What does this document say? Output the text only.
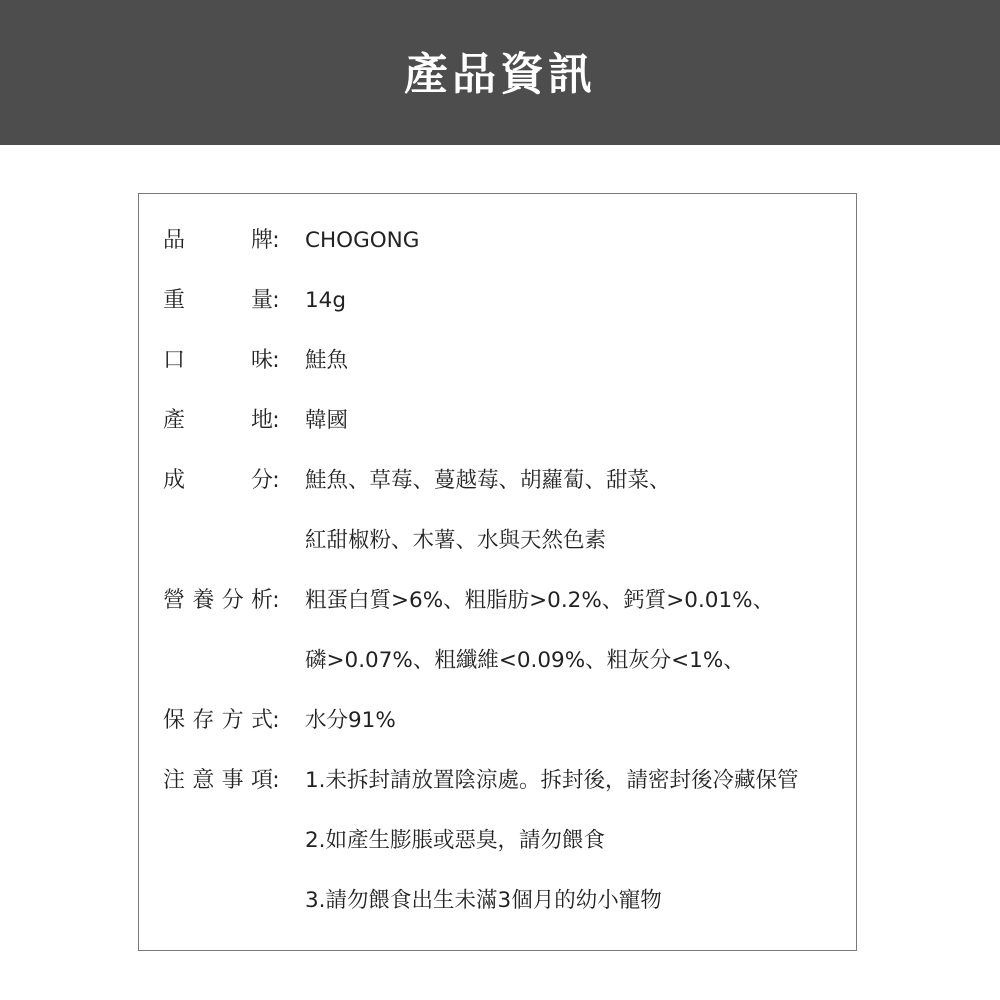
產品資訊
品	牌 : CHOGONG
重	量 : 14g
口	味 : 鮭魚
產	地 : 韓國
成	分 : 鮭魚、草莓、蔓越莓、胡蘿蔔、甜菜、
紅甜椒粉、木薯、水與天然色素
營 養 分 析 : 粗蛋白質>6%、粗脂肪>0.2%、鈣質>0.01%、
磷>0.07%、粗纖維<0.09%、粗灰分<1%、
保 存 方 式 : 水分91%
注 意 事 項 : 1.未拆封請放置陰涼處。拆封後，請密封後冷藏保管
2.如產生膨脹或惡臭，請勿餵食
3.請勿餵食出生未滿3個月的幼小寵物
